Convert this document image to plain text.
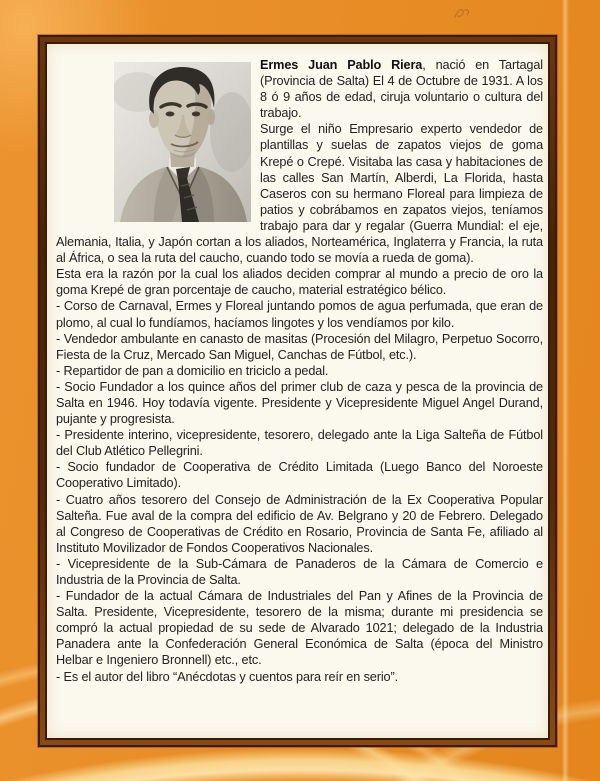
Ermes Juan Pablo Riera, nació en Tartagal (Provincia de Salta) El 4 de Octubre de 1931. A los 8 ó 9 años de edad, ciruja voluntario o cultura del trabajo.

Surge el niño Empresario experto vendedor de plantillas y suelas de zapatos viejos de goma Krepé o Crepé. Visitaba las casa y habitaciones de las calles San Martín, Alberdi, La Florida, hasta Caseros con su hermano Floreal para limpieza de patios y cobrábamos en zapatos viejos, teníamos trabajo para dar y regalar (Guerra Mundial: el eje, Alemania, Italia, y Japón cortan a los aliados, Norteamérica, Inglaterra y Francia, la ruta al África, o sea la ruta del caucho, cuando todo se movía a rueda de goma).

Esta era la razón por la cual los aliados deciden comprar al mundo a precio de oro la goma Krepé de gran porcentaje de caucho, material estratégico bélico.

- Corso de Carnaval, Ermes y Floreal juntando pomos de agua perfumada, que eran de plomo, al cual lo fundíamos, hacíamos lingotes y los vendíamos por kilo.

- Vendedor ambulante en canasto de masitas (Procesión del Milagro, Perpetuo Socorro, Fiesta de la Cruz, Mercado San Miguel, Canchas de Fútbol, etc.).

- Repartidor de pan a domicilio en triciclo a pedal.

- Socio Fundador a los quince años del primer club de caza y pesca de la provincia de Salta en 1946. Hoy todavía vigente. Presidente y Vicepresidente Miguel Angel Durand, pujante y progresista.

- Presidente interino, vicepresidente, tesorero, delegado ante la Liga Salteña de Fútbol del Club Atlético Pellegrini.

- Socio fundador de Cooperativa de Crédito Limitada (Luego Banco del Noroeste Cooperativo Limitado).

- Cuatro años tesorero del Consejo de Administración de la Ex Cooperativa Popular Salteña. Fue aval de la compra del edificio de Av. Belgrano y 20 de Febrero. Delegado al Congreso de Cooperativas de Crédito en Rosario, Provincia de Santa Fe, afiliado al Instituto Movilizador de Fondos Cooperativos Nacionales.

- Vicepresidente de la Sub-Cámara de Panaderos de la Cámara de Comercio e Industria de la Provincia de Salta.

- Fundador de la actual Cámara de Industriales del Pan y Afines de la Provincia de Salta. Presidente, Vicepresidente, tesorero de la misma; durante mi presidencia se compró la actual propiedad de su sede de Alvarado 1021; delegado de la Industria Panadera ante la Confederación General Económica de Salta (época del Ministro Helbar e Ingeniero Bronnell) etc., etc.

- Es el autor del libro “Anécdotas y cuentos para reír en serio”.
